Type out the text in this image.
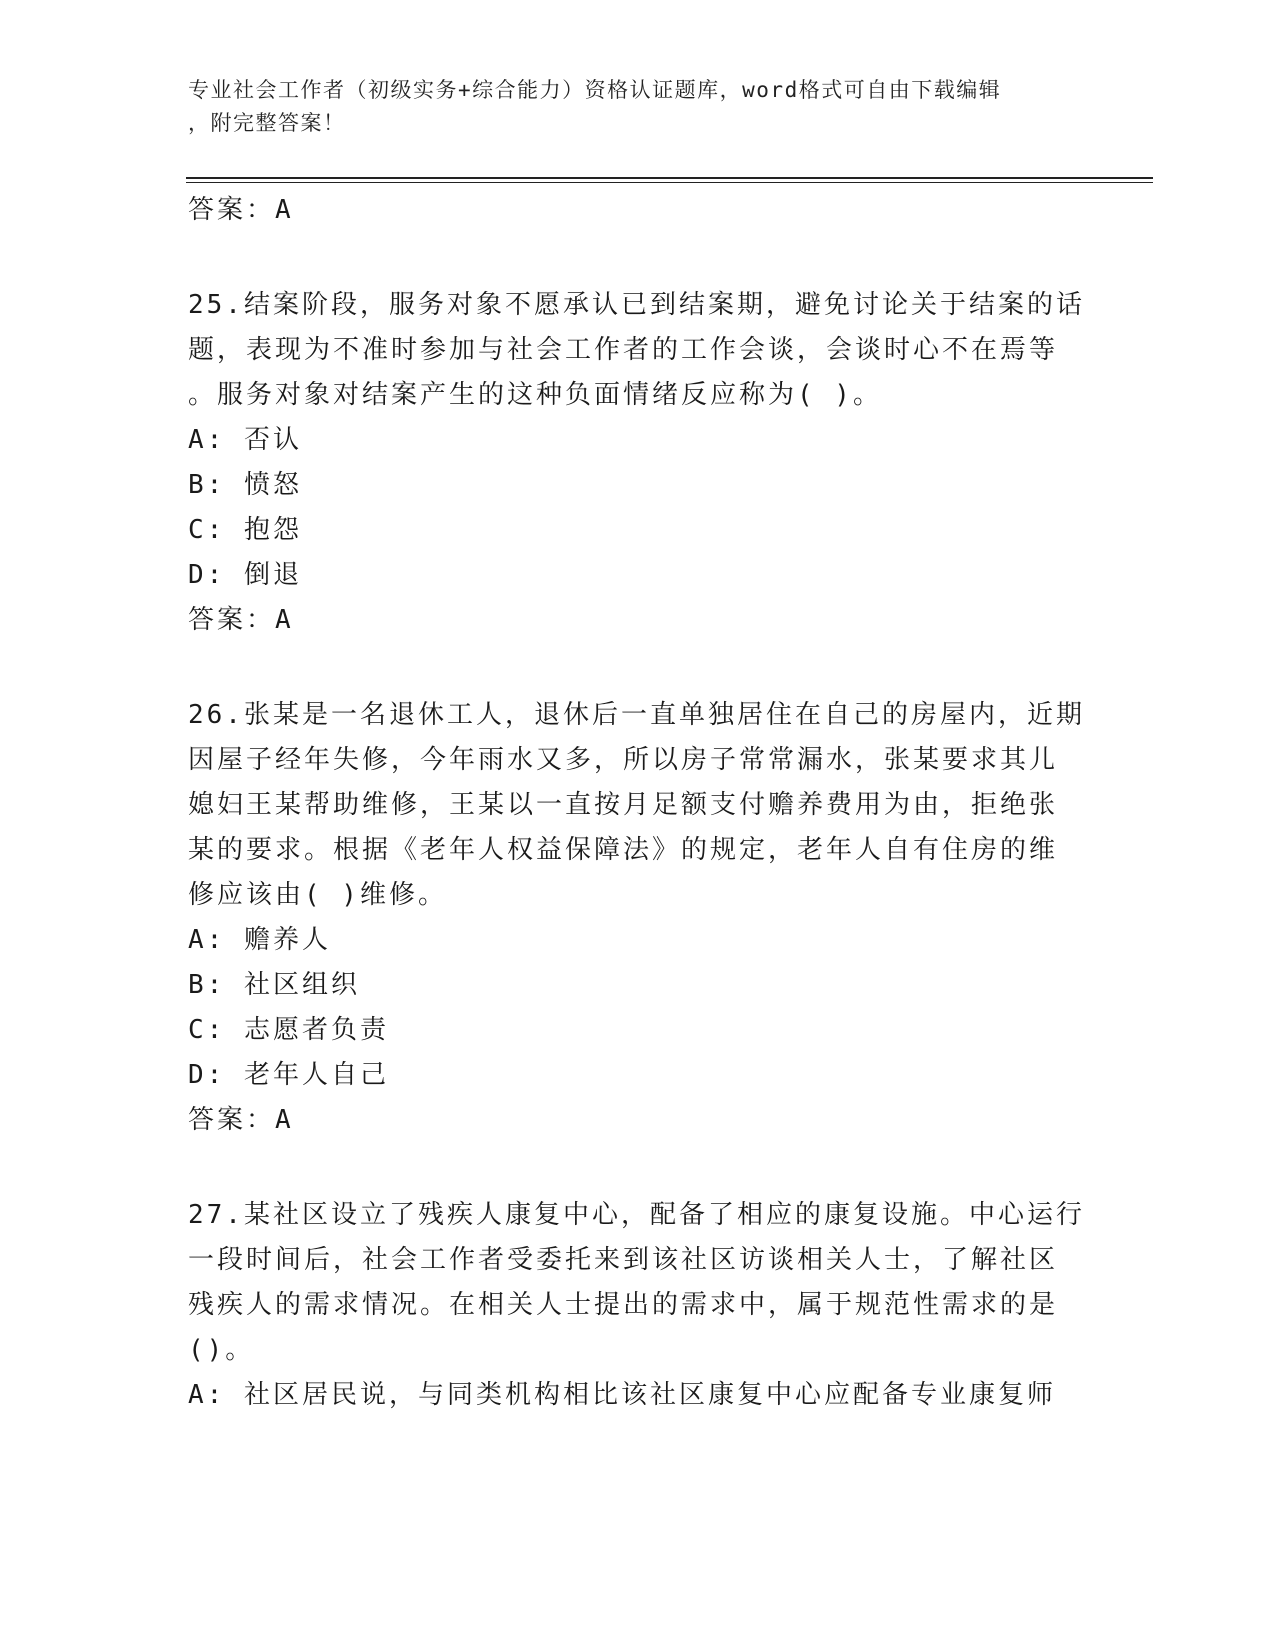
专业社会工作者（初级实务+综合能力）资格认证题库，word格式可自由下载编辑
，附完整答案！
答案：A
25.结案阶段，服务对象不愿承认已到结案期，避免讨论关于结案的话
题，表现为不准时参加与社会工作者的工作会谈，会谈时心不在焉等
。服务对象对结案产生的这种负面情绪反应称为( )。
A: 否认
B: 愤怒
C: 抱怨
D: 倒退
答案：A
26.张某是一名退休工人，退休后一直单独居住在自己的房屋内，近期
因屋子经年失修，今年雨水又多，所以房子常常漏水，张某要求其儿
媳妇王某帮助维修，王某以一直按月足额支付赡养费用为由，拒绝张
某的要求。根据《老年人权益保障法》的规定，老年人自有住房的维
修应该由( )维修。
A: 赡养人
B: 社区组织
C: 志愿者负责
D: 老年人自己
答案：A
27.某社区设立了残疾人康复中心，配备了相应的康复设施。中心运行
一段时间后，社会工作者受委托来到该社区访谈相关人士，了解社区
残疾人的需求情况。在相关人士提出的需求中，属于规范性需求的是
()。
A: 社区居民说，与同类机构相比该社区康复中心应配备专业康复师
